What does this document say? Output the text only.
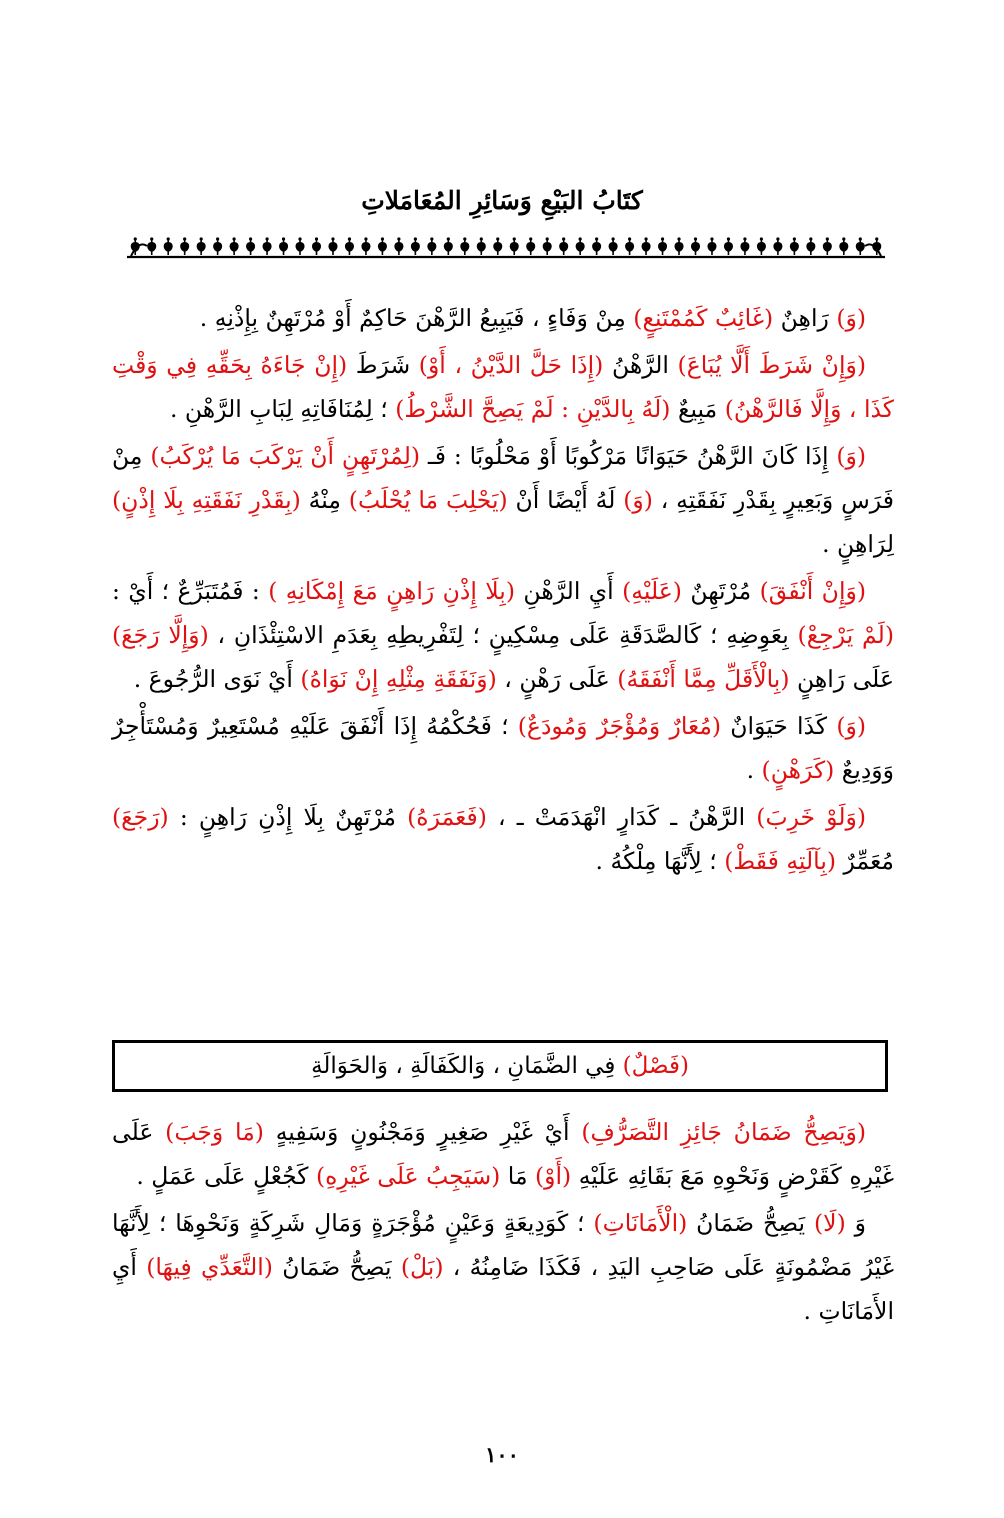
كتَابُ البَيْعِ وَسَائِرِ المُعَامَلاتِ

(وَ) رَاهِنٌ (غَائِبٌ كَمُمْتَنِعٍ) مِنْ وَفَاءٍ ، فَيَبِيعُ الرَّهْنَ حَاكِمٌ أَوْ مُرْتَهِنٌ بِإِذْنِهِ .

(وَإِنْ شَرَطَ أَلَّا يُبَاعَ) الرَّهْنُ (إِذَا حَلَّ الدَّيْنُ ، أَوْ) شَرَطَ (إِنْ جَاءَهُ بِحَقِّهِ فِي وَقْتِ كَذَا ، وَإِلَّا فَالرَّهْنُ) مَبِيعٌ (لَهُ بِالدَّيْنِ : لَمْ يَصِحَّ الشَّرْطُ) ؛ لِمُنَافَاتِهِ لِبَابِ الرَّهْنِ .

(وَ) إِذَا كَانَ الرَّهْنُ حَيَوَانًا مَرْكُوبًا أَوْ مَحْلُوبًا : فَـ (لِمُرْتَهِنٍ أَنْ يَرْكَبَ مَا يُرْكَبُ) مِنْ فَرَسٍ وَبَعِيرٍ بِقَدْرِ نَفَقَتِهِ ، (وَ) لَهُ أَيْضًا أَنْ (يَحْلِبَ مَا يُحْلَبُ) مِنْهُ (بِقَدْرِ نَفَقَتِهِ بِلَا إِذْنٍ) لِرَاهِنٍ .

(وَإِنْ أَنْفَقَ) مُرْتَهِنٌ (عَلَيْهِ) أَيِ الرَّهْنِ (بِلَا إِذْنِ رَاهِنٍ مَعَ إِمْكَانِهِ ) : فَمُتَبَرِّعٌ ؛ أَيْ : (لَمْ يَرْجِعْ) بِعَوِضِهِ ؛ كَالصَّدَقَةِ عَلَى مِسْكِينٍ ؛ لِتَفْرِيطِهِ بِعَدَمِ الاسْتِئْذَانِ ، (وَإِلَّا رَجَعَ) عَلَى رَاهِنٍ (بِالْأَقَلِّ مِمَّا أَنْفَقَهُ) عَلَى رَهْنٍ ، (وَنَفَقَةِ مِثْلِهِ إِنْ نَوَاهُ) أَيْ نَوَى الرُّجُوعَ .

(وَ) كَذَا حَيَوَانٌ (مُعَارٌ وَمُؤْجَرٌ وَمُودَعٌ) ؛ فَحُكْمُهُ إِذَا أَنْفَقَ عَلَيْهِ مُسْتَعِيرٌ وَمُسْتَأْجِرٌ وَوَدِيعٌ (كَرَهْنٍ) .

(وَلَوْ خَرِبَ) الرَّهْنُ ـ كَدَارٍ انْهَدَمَتْ ـ ، (فَعَمَرَهُ) مُرْتَهِنٌ بِلَا إِذْنِ رَاهِنٍ : (رَجَعَ) مُعَمِّرٌ (بِآلَتِهِ فَقَطْ) ؛ لِأَنَّهَا مِلْكُهُ .

(فَصْلٌ) فِي الضَّمَانِ ، وَالكَفَالَةِ ، وَالحَوَالَةِ

(وَيَصِحُّ ضَمَانُ جَائِزِ التَّصَرُّفِ) أَيْ غَيْرِ صَغِيرٍ وَمَجْنُونٍ وَسَفِيهٍ (مَا وَجَبَ) عَلَى غَيْرِهِ كَقَرْضٍ وَنَحْوِهِ مَعَ بَقَائِهِ عَلَيْهِ (أَوْ) مَا (سَيَجِبُ عَلَى غَيْرِهِ) كَجُعْلٍ عَلَى عَمَلٍ .

وَ (لَا) يَصِحُّ ضَمَانُ (الْأَمَانَاتِ) ؛ كَوَدِيعَةٍ وَعَيْنٍ مُؤْجَرَةٍ وَمَالِ شَرِكَةٍ وَنَحْوِهَا ؛ لِأَنَّهَا غَيْرُ مَضْمُونَةٍ عَلَى صَاحِبِ اليَدِ ، فَكَذَا ضَامِنُهُ ، (بَلْ) يَصِحُّ ضَمَانُ (التَّعَدِّي فِيهَا) أَيِ الأَمَانَاتِ .

١٠٠
